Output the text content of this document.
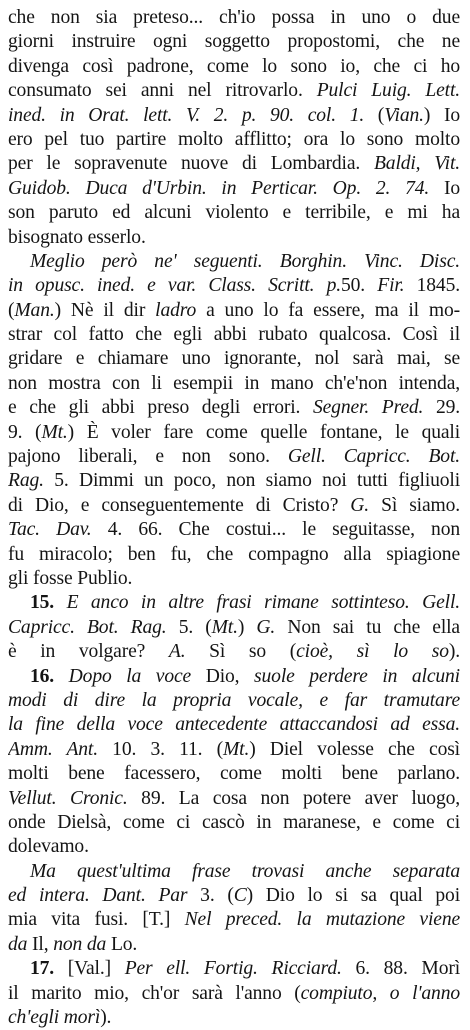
che non sia preteso... ch'io possa in uno o due
giorni instruire ogni soggetto propostomi, che ne
divenga così padrone, come lo sono io, che ci ho
consumato sei anni nel ritrovarlo. Pulci Luig. Lett.
ined. in Orat. lett. V. 2. p. 90. col. 1. (Vian.) Io
ero pel tuo partire molto afflitto; ora lo sono molto
per le sopravenute nuove di Lombardia. Baldi, Vit.
Guidob. Duca d'Urbin. in Perticar. Op. 2. 74. Io
son paruto ed alcuni violento e terribile, e mi ha
bisognato esserlo.
Meglio però ne' seguenti. Borghin. Vinc. Disc.
in opusc. ined. e var. Class. Scritt. p.50. Fir. 1845.
(Man.) Nè il dir ladro a uno lo fa essere, ma il mo-
strar col fatto che egli abbi rubato qualcosa. Così il
gridare e chiamare uno ignorante, nol sarà mai, se
non mostra con li esempii in mano ch'e'non intenda,
e che gli abbi preso degli errori. Segner. Pred. 29.
9. (Mt.) È voler fare come quelle fontane, le quali
pajono liberali, e non sono. Gell. Capricc. Bot.
Rag. 5. Dimmi un poco, non siamo noi tutti figliuoli
di Dio, e conseguentemente di Cristo? G. Sì siamo.
Tac. Dav. 4. 66. Che costui... le seguitasse, non
fu miracolo; ben fu, che compagno alla spiagione
gli fosse Publio.
15. E anco in altre frasi rimane sottinteso. Gell.
Capricc. Bot. Rag. 5. (Mt.) G. Non sai tu che ella
è in volgare? A. Sì so (cioè, sì lo so).
16. Dopo la voce Dio, suole perdere in alcuni
modi di dire la propria vocale, e far tramutare
la fine della voce antecedente attaccandosi ad essa.
Amm. Ant. 10. 3. 11. (Mt.) Diel volesse che così
molti bene facessero, come molti bene parlano.
Vellut. Cronic. 89. La cosa non potere aver luogo,
onde Dielsà, come ci cascò in maranese, e come ci
dolevamo.
Ma quest'ultima frase trovasi anche separata
ed intera. Dant. Par 3. (C) Dio lo si sa qual poi
mia vita fusi. [T.] Nel preced. la mutazione viene
da Il, non da Lo.
17. [Val.] Per ell. Fortig. Ricciard. 6. 88. Morì
il marito mio, ch'or sarà l'anno (compiuto, o l'anno
ch'egli morì).
